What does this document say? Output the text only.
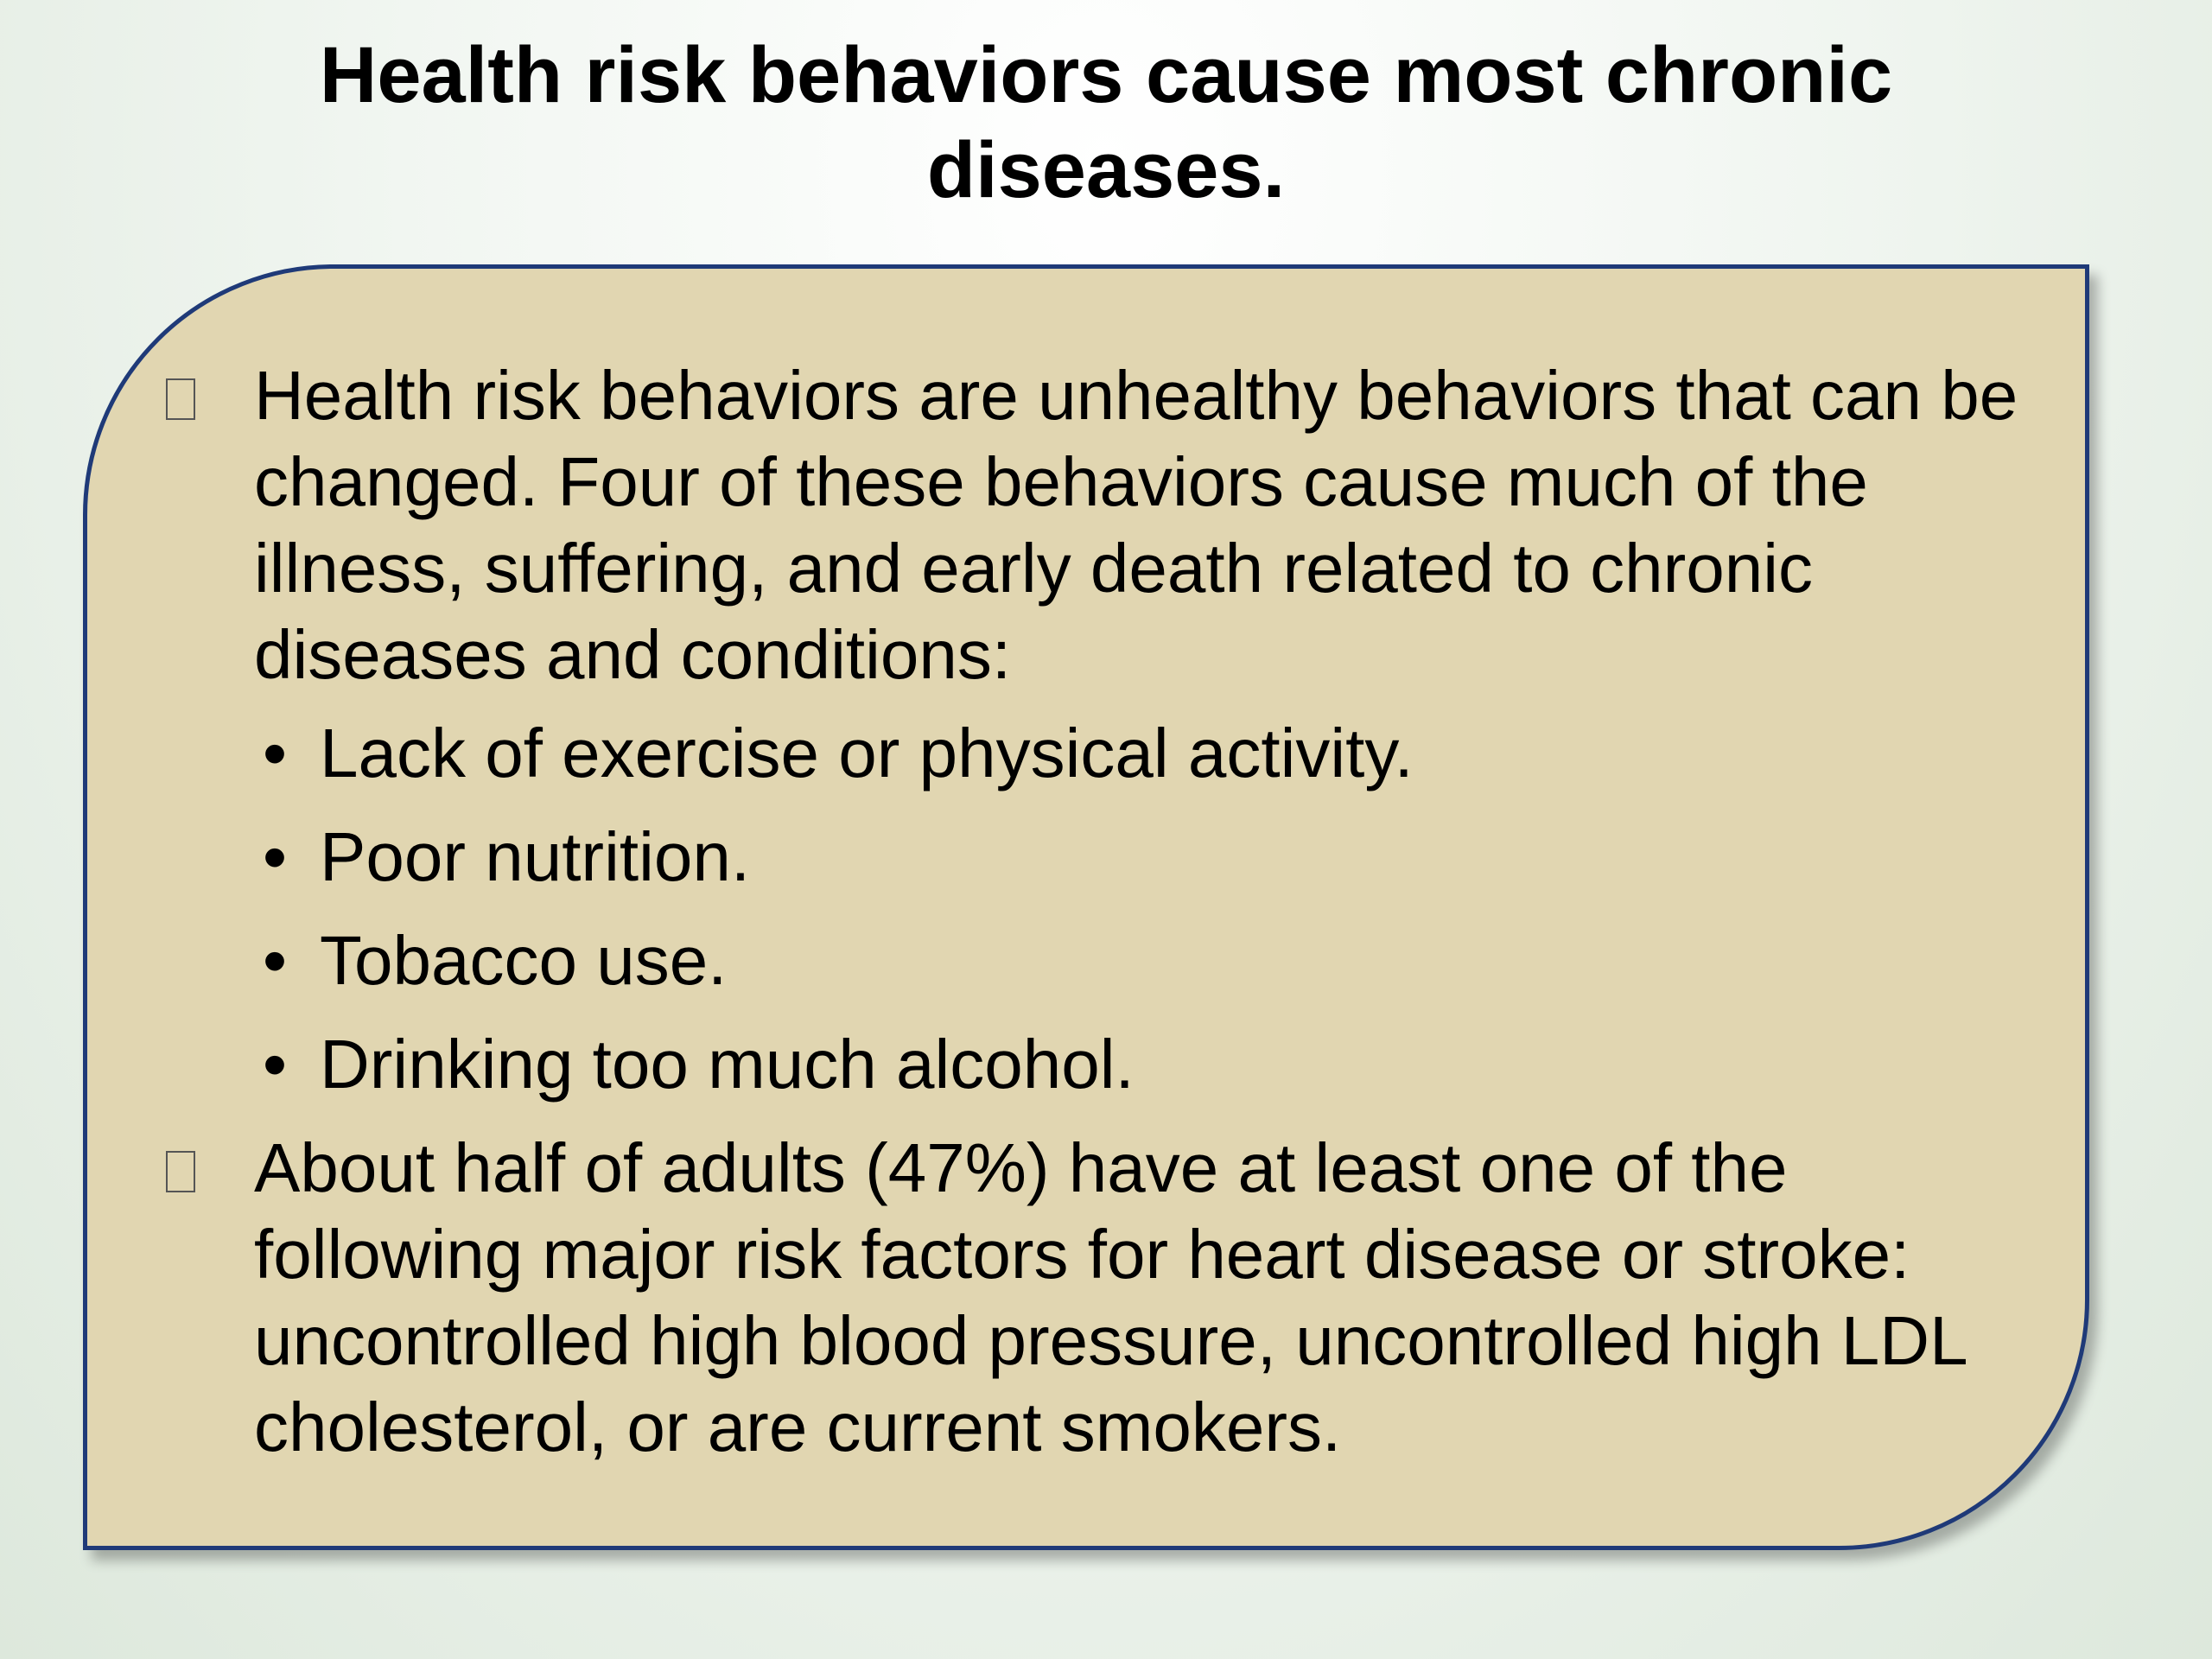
Health risk behaviors cause most chronic diseases.
Health risk behaviors are unhealthy behaviors that can be changed. Four of these behaviors cause much of the illness, suffering, and early death related to chronic diseases and conditions:
• Lack of exercise or physical activity.
• Poor nutrition.
• Tobacco use.
• Drinking too much alcohol.
About half of adults (47%) have at least one of the following major risk factors for heart disease or stroke: uncontrolled high blood pressure, uncontrolled high LDL cholesterol, or are current smokers.
